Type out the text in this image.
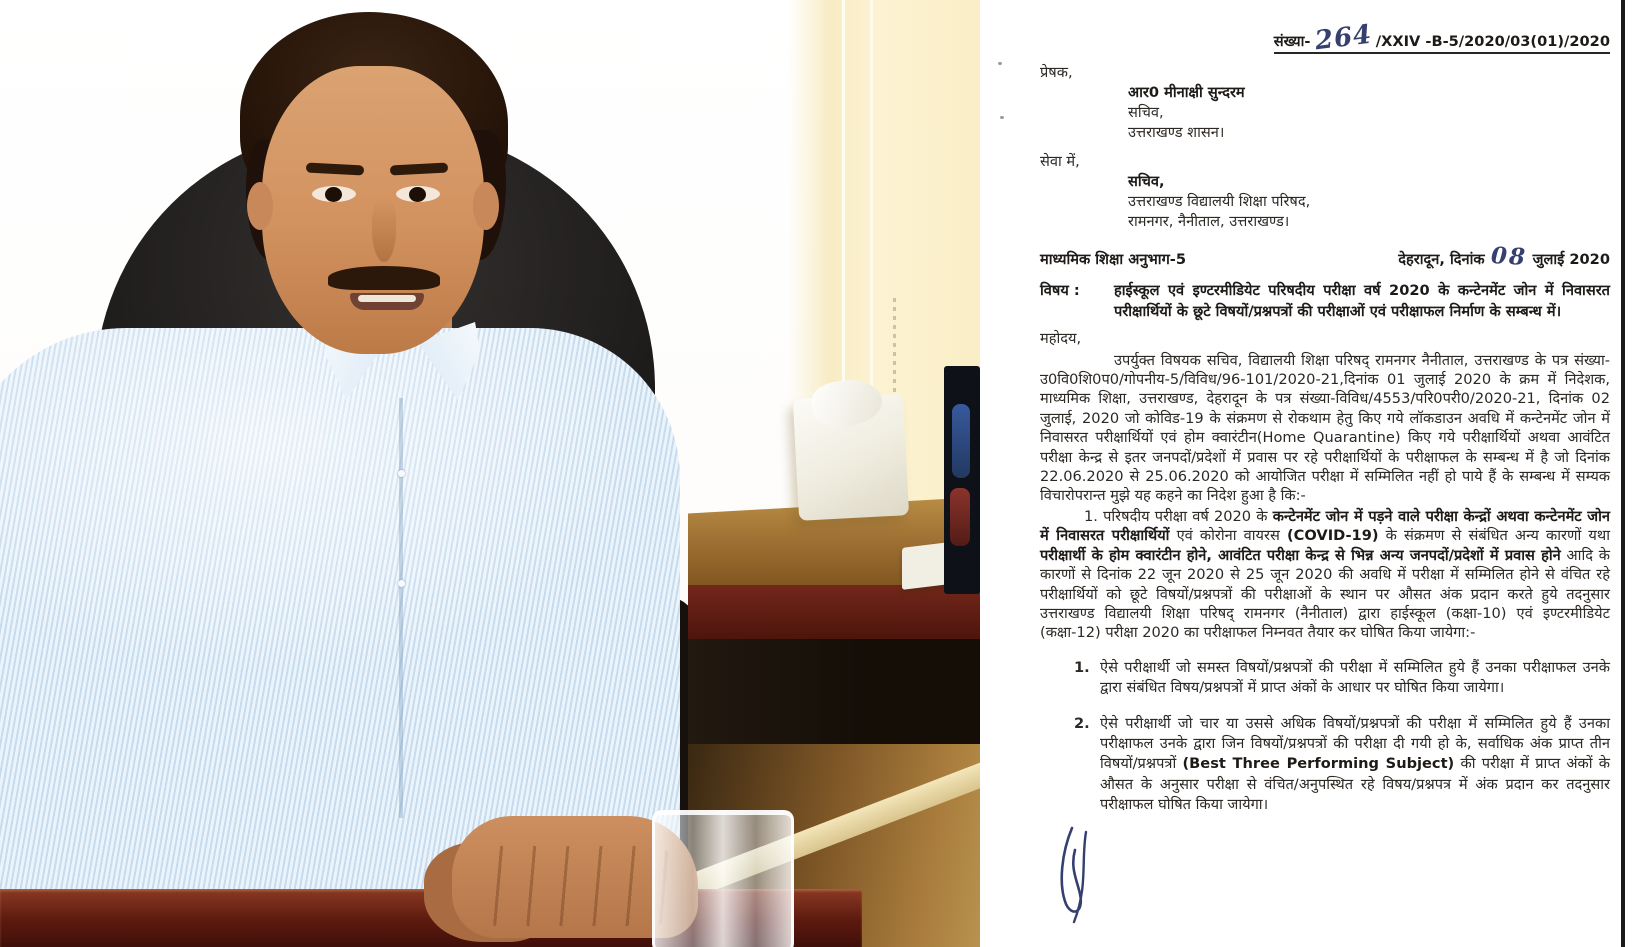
संख्या- 264 /XXIV -B-5/2020/03(01)/2020
प्रेषक,
आर0 मीनाक्षी सुन्दरम
सचिव,
उत्तराखण्ड शासन।
सेवा में,
सचिव,
उत्तराखण्ड विद्यालयी शिक्षा परिषद,
रामनगर, नैनीताल, उत्तराखण्ड।
माध्यमिक शिक्षा अनुभाग-5	देहरादून, दिनांक 08 जुलाई 2020
विषय :	हाईस्कूल एवं इण्टरमीडियेट परिषदीय परीक्षा वर्ष 2020 के कन्टेनमेंट जोन में निवासरत परीक्षार्थियों के छूटे विषयों/प्रश्नपत्रों की परीक्षाओं एवं परीक्षाफल निर्माण के सम्बन्ध में।
महोदय,
उपर्युक्त विषयक सचिव, विद्यालयी शिक्षा परिषद् रामनगर नैनीताल, उत्तराखण्ड के पत्र संख्या-उ0वि0शि0प0/गोपनीय-5/विविध/96-101/2020-21,दिनांक 01 जुलाई 2020 के क्रम में निदेशक, माध्यमिक शिक्षा, उत्तराखण्ड, देहरादून के पत्र संख्या-विविध/4553/परि0परी0/2020-21, दिनांक 02 जुलाई, 2020 जो कोविड-19 के संक्रमण से रोकथाम हेतु किए गये लॉकडाउन अवधि में कन्टेनमेंट जोन में निवासरत परीक्षार्थियों एवं होम क्वारंटीन(Home Quarantine) किए गये परीक्षार्थियों अथवा आवंटित परीक्षा केन्द्र से इतर जनपदों/प्रदेशों में प्रवास पर रहे परीक्षार्थियों के परीक्षाफल के सम्बन्ध में है जो दिनांक 22.06.2020 से 25.06.2020 को आयोजित परीक्षा में सम्मिलित नहीं हो पाये हैं के सम्बन्ध में सम्यक विचारोपरान्त मुझे यह कहने का निदेश हुआ है कि:-
1. परिषदीय परीक्षा वर्ष 2020 के कन्टेनमेंट जोन में पड़ने वाले परीक्षा केन्द्रों अथवा कन्टेनमेंट जोन में निवासरत परीक्षार्थियों एवं कोरोना वायरस (COVID-19) के संक्रमण से संबंधित अन्य कारणों यथा परीक्षार्थी के होम क्वारंटीन होने, आवंटित परीक्षा केन्द्र से भिन्न अन्य जनपदों/प्रदेशों में प्रवास होने आदि के कारणों से दिनांक 22 जून 2020 से 25 जून 2020 की अवधि में परीक्षा में सम्मिलित होने से वंचित रहे परीक्षार्थियों को छूटे विषयों/प्रश्नपत्रों की परीक्षाओं के स्थान पर औसत अंक प्रदान करते हुये तदनुसार उत्तराखण्ड विद्यालयी शिक्षा परिषद् रामनगर (नैनीताल) द्वारा हाईस्कूल (कक्षा-10) एवं इण्टरमीडियेट (कक्षा-12) परीक्षा 2020 का परीक्षाफल निम्नवत तैयार कर घोषित किया जायेगा:-
1. ऐसे परीक्षार्थी जो समस्त विषयों/प्रश्नपत्रों की परीक्षा में सम्मिलित हुये हैं उनका परीक्षाफल उनके द्वारा संबंधित विषय/प्रश्नपत्रों में प्राप्त अंकों के आधार पर घोषित किया जायेगा।
2. ऐसे परीक्षार्थी जो चार या उससे अधिक विषयों/प्रश्नपत्रों की परीक्षा में सम्मिलित हुये हैं उनका परीक्षाफल उनके द्वारा जिन विषयों/प्रश्नपत्रों की परीक्षा दी गयी हो के, सर्वाधिक अंक प्राप्त तीन विषयों/प्रश्नपत्रों (Best Three Performing Subject) की परीक्षा में प्राप्त अंकों के औसत के अनुसार परीक्षा से वंचित/अनुपस्थित रहे विषय/प्रश्नपत्र में अंक प्रदान कर तदनुसार परीक्षाफल घोषित किया जायेगा।
